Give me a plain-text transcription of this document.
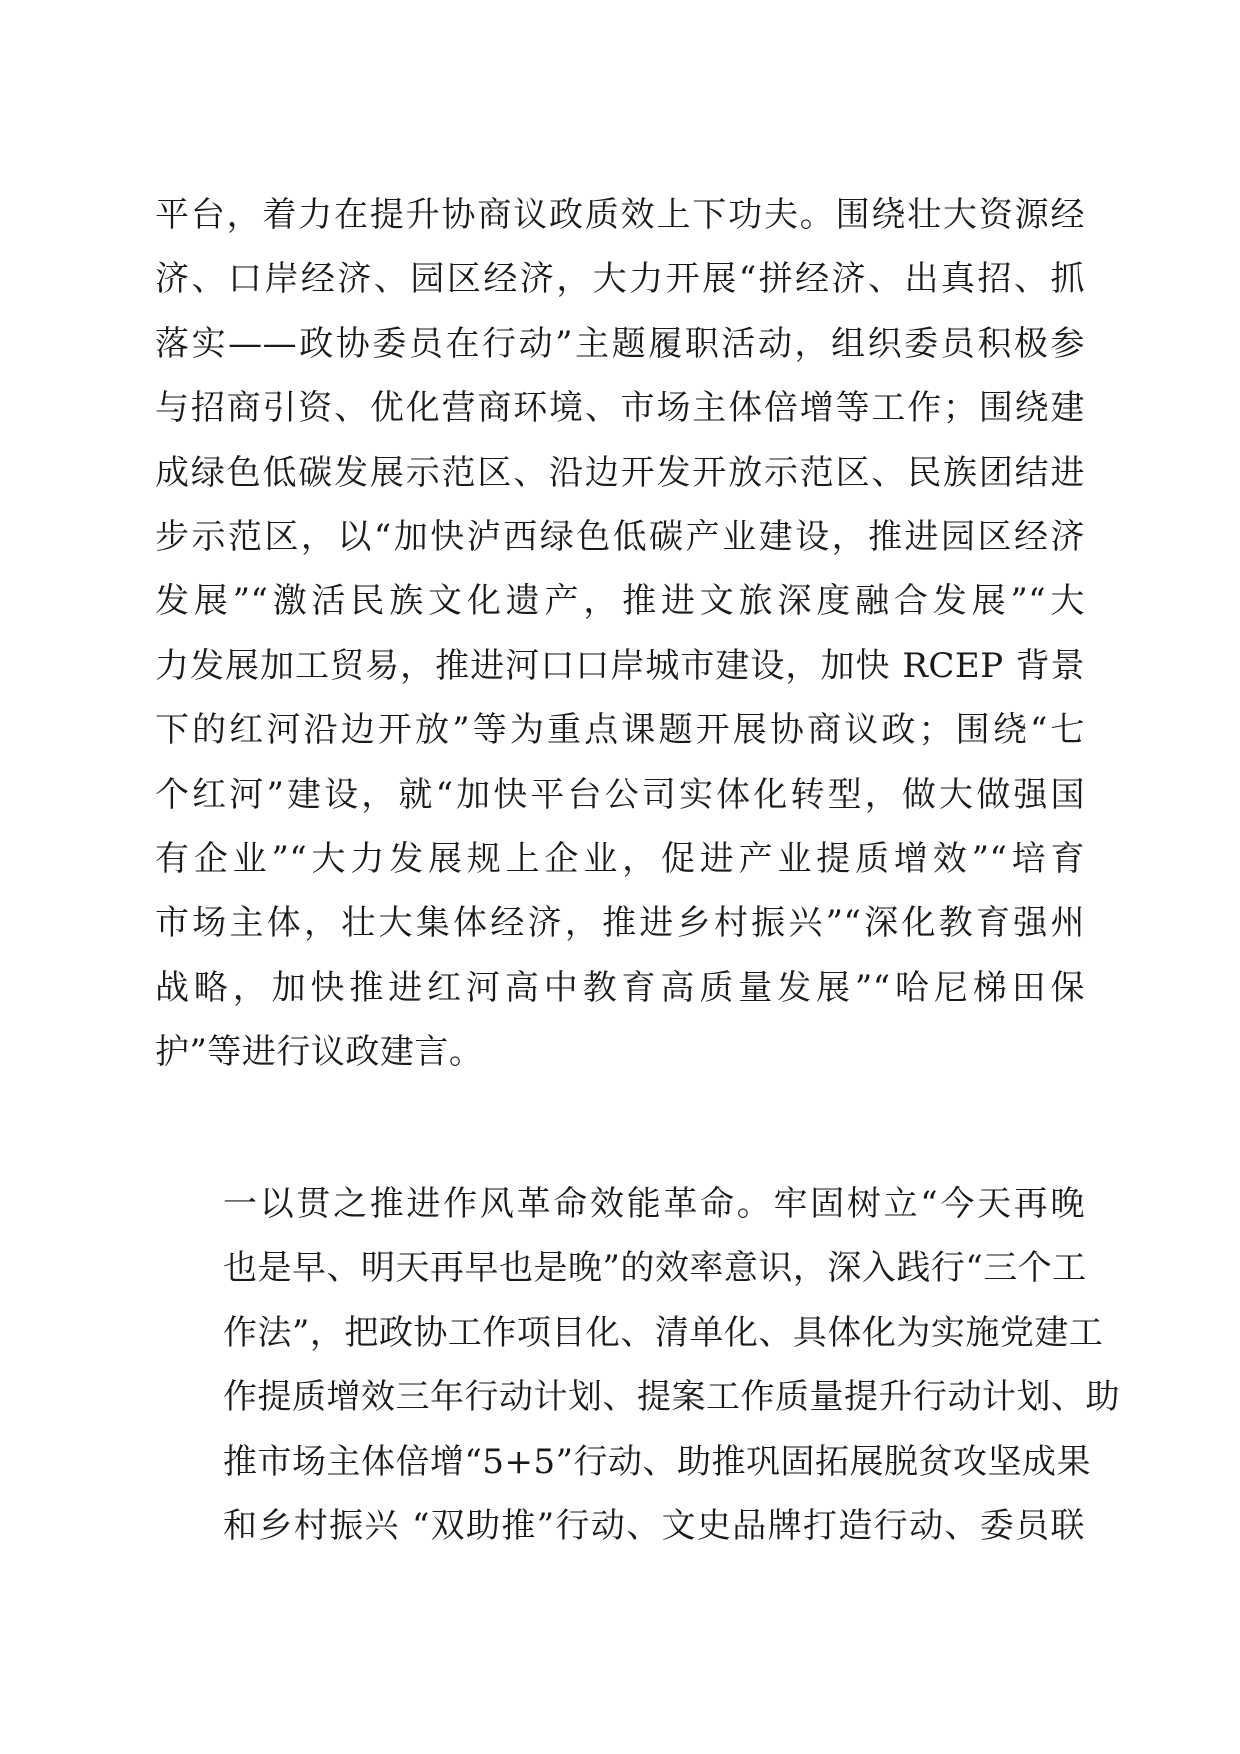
平台，着力在提升协商议政质效上下功夫。围绕壮大资源经
济、口岸经济、园区经济，大力开展“拼经济、出真招、抓
落实——政协委员在行动”主题履职活动，组织委员积极参
与招商引资、优化营商环境、市场主体倍增等工作；围绕建
成绿色低碳发展示范区、沿边开发开放示范区、民族团结进
步示范区，以“加快泸西绿色低碳产业建设，推进园区经济
发展”“激活民族文化遗产，推进文旅深度融合发展”“大
力发展加工贸易，推进河口口岸城市建设，加快 RCEP 背景
下的红河沿边开放”等为重点课题开展协商议政；围绕“七
个红河”建设，就“加快平台公司实体化转型，做大做强国
有企业”“大力发展规上企业，促进产业提质增效”“培育
市场主体，壮大集体经济，推进乡村振兴”“深化教育强州
战略，加快推进红河高中教育高质量发展”“哈尼梯田保
护”等进行议政建言。
一以贯之推进作风革命效能革命。牢固树立“今天再晚
也是早、明天再早也是晚”的效率意识，深入践行“三个工
作法”，把政协工作项目化、清单化、具体化为实施党建工
作提质增效三年行动计划、提案工作质量提升行动计划、助
推市场主体倍增“5+5”行动、助推巩固拓展脱贫攻坚成果
和乡村振兴 “双助推”行动、文史品牌打造行动、委员联
